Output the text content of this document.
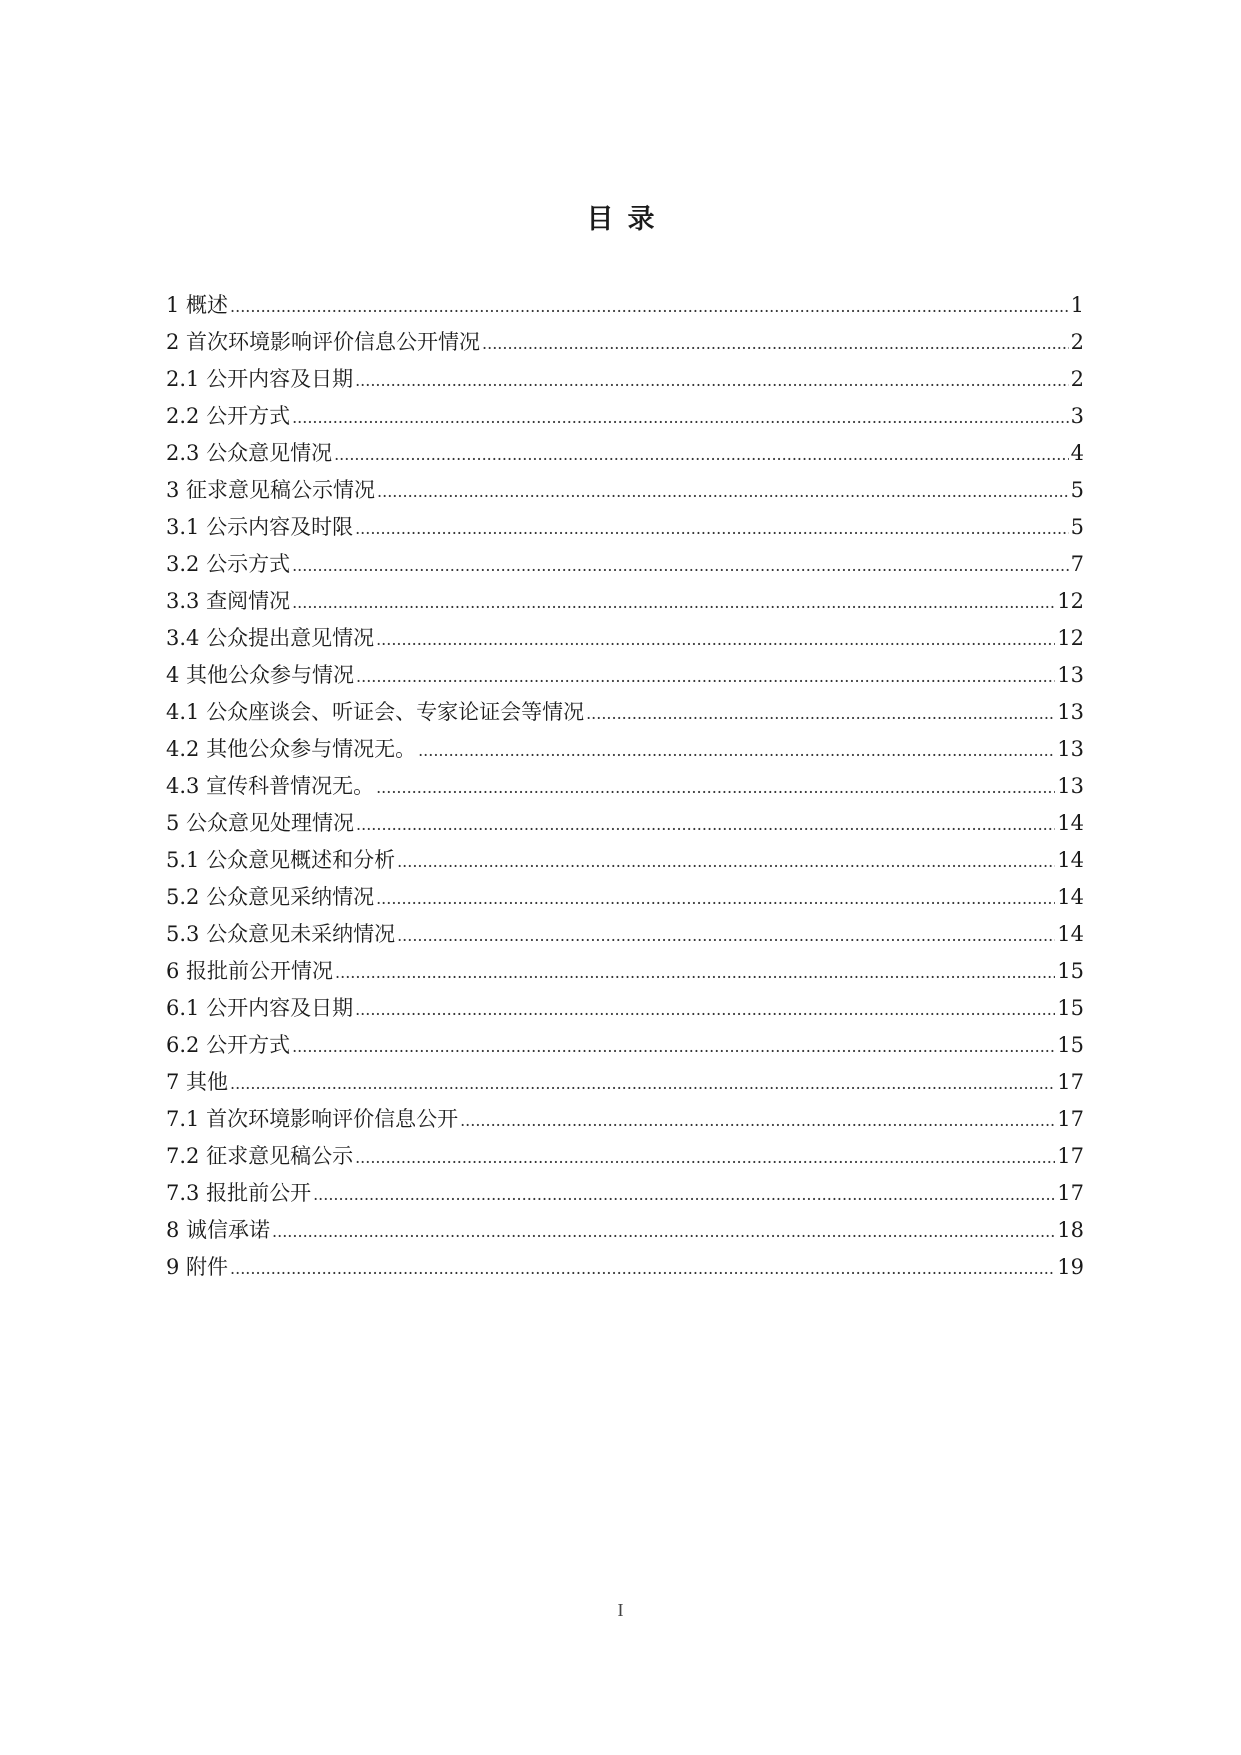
目录
1 概述 .....	1
2 首次环境影响评价信息公开情况 .....	2
2.1 公开内容及日期 .....	2
2.2 公开方式 .....	3
2.3 公众意见情况 .....	4
3 征求意见稿公示情况 .....	5
3.1 公示内容及时限 .....	5
3.2 公示方式 .....	7
3.3 查阅情况 .....	12
3.4 公众提出意见情况 .....	12
4 其他公众参与情况 .....	13
4.1 公众座谈会、听证会、专家论证会等情况 .....	13
4.2 其他公众参与情况无。 .....	13
4.3 宣传科普情况无。 .....	13
5 公众意见处理情况 .....	14
5.1 公众意见概述和分析 .....	14
5.2 公众意见采纳情况 .....	14
5.3 公众意见未采纳情况 .....	14
6 报批前公开情况 .....	15
6.1 公开内容及日期 .....	15
6.2 公开方式 .....	15
7 其他 .....	17
7.1 首次环境影响评价信息公开 .....	17
7.2 征求意见稿公示 .....	17
7.3 报批前公开 .....	17
8 诚信承诺 .....	18
9 附件 .....	19
I
